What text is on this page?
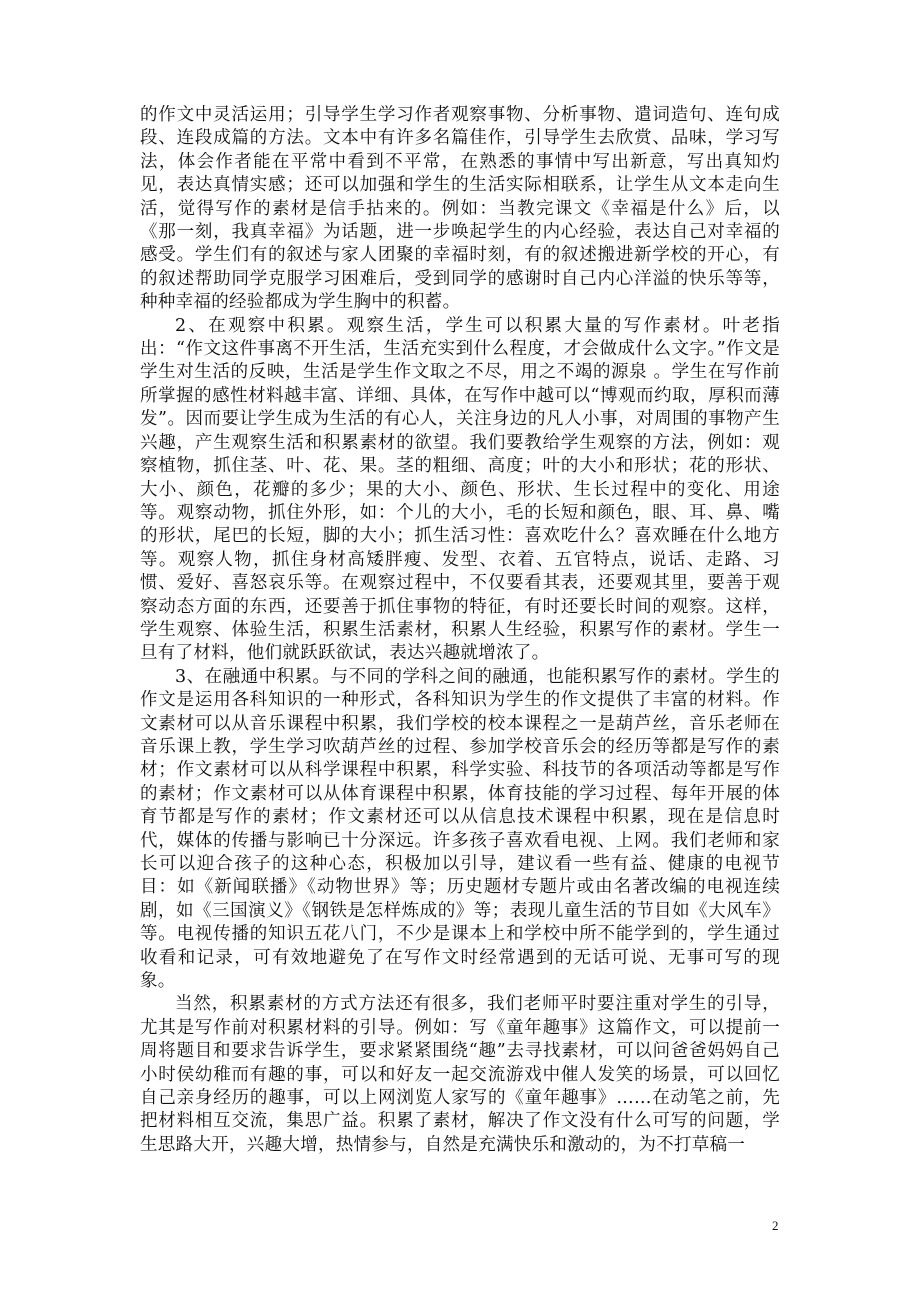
的作文中灵活运用；引导学生学习作者观察事物、分析事物、遣词造句、连句成段、连段成篇的方法。文本中有许多名篇佳作，引导学生去欣赏、品味，学习写法，体会作者能在平常中看到不平常，在熟悉的事情中写出新意，写出真知灼见，表达真情实感；还可以加强和学生的生活实际相联系，让学生从文本走向生活，觉得写作的素材是信手拈来的。例如：当教完课文《幸福是什么》后，以《那一刻，我真幸福》为话题，进一步唤起学生的内心经验，表达自己对幸福的感受。学生们有的叙述与家人团聚的幸福时刻，有的叙述搬进新学校的开心，有的叙述帮助同学克服学习困难后，受到同学的感谢时自己内心洋溢的快乐等等，种种幸福的经验都成为学生胸中的积蓄。

2、在观察中积累。观察生活，学生可以积累大量的写作素材。叶老指出：“作文这件事离不开生活，生活充实到什么程度，才会做成什么文字。”作文是学生对生活的反映，生活是学生作文取之不尽，用之不竭的源泉 。学生在写作前所掌握的感性材料越丰富、详细、具体，在写作中越可以“博观而约取，厚积而薄发”。因而要让学生成为生活的有心人，关注身边的凡人小事，对周围的事物产生兴趣，产生观察生活和积累素材的欲望。我们要教给学生观察的方法，例如：观察植物，抓住茎、叶、花、果。茎的粗细、高度；叶的大小和形状；花的形状、大小、颜色，花瓣的多少；果的大小、颜色、形状、生长过程中的变化、用途等。观察动物，抓住外形，如：个儿的大小，毛的长短和颜色，眼、耳、鼻、嘴的形状，尾巴的长短，脚的大小；抓生活习性：喜欢吃什么？喜欢睡在什么地方等。观察人物，抓住身材高矮胖瘦、发型、衣着、五官特点，说话、走路、习惯、爱好、喜怒哀乐等。在观察过程中，不仅要看其表，还要观其里，要善于观察动态方面的东西，还要善于抓住事物的特征，有时还要长时间的观察。这样，学生观察、体验生活，积累生活素材，积累人生经验，积累写作的素材。学生一旦有了材料，他们就跃跃欲试，表达兴趣就增浓了。

3、在融通中积累。与不同的学科之间的融通，也能积累写作的素材。学生的作文是运用各科知识的一种形式，各科知识为学生的作文提供了丰富的材料。作文素材可以从音乐课程中积累，我们学校的校本课程之一是葫芦丝，音乐老师在音乐课上教，学生学习吹葫芦丝的过程、参加学校音乐会的经历等都是写作的素材；作文素材可以从科学课程中积累，科学实验、科技节的各项活动等都是写作的素材；作文素材可以从体育课程中积累，体育技能的学习过程、每年开展的体育节都是写作的素材；作文素材还可以从信息技术课程中积累，现在是信息时代，媒体的传播与影响已十分深远。许多孩子喜欢看电视、上网。我们老师和家长可以迎合孩子的这种心态，积极加以引导，建议看一些有益、健康的电视节目：如《新闻联播》《动物世界》等；历史题材专题片或由名著改编的电视连续剧，如《三国演义》《钢铁是怎样炼成的》等；表现儿童生活的节目如《大风车》等。电视传播的知识五花八门，不少是课本上和学校中所不能学到的，学生通过收看和记录，可有效地避免了在写作文时经常遇到的无话可说、无事可写的现象。

当然，积累素材的方式方法还有很多，我们老师平时要注重对学生的引导，尤其是写作前对积累材料的引导。例如：写《童年趣事》这篇作文，可以提前一周将题目和要求告诉学生，要求紧紧围绕“趣”去寻找素材，可以问爸爸妈妈自己小时侯幼稚而有趣的事，可以和好友一起交流游戏中催人发笑的场景，可以回忆自己亲身经历的趣事，可以上网浏览人家写的《童年趣事》……在动笔之前，先把材料相互交流，集思广益。积累了素材，解决了作文没有什么可写的问题，学生思路大开，兴趣大增，热情参与，自然是充满快乐和激动的，为不打草稿一

2
